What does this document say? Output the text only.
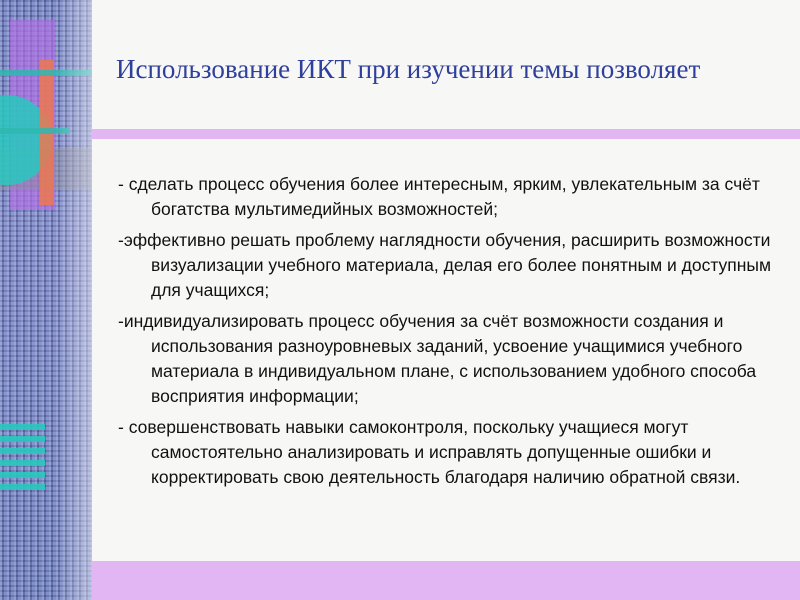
Использование ИКТ при изучении темы позволяет

- сделать процесс обучения более интересным, ярким, увлекательным за счёт богатства мультимедийных возможностей;

-эффективно решать проблему наглядности обучения, расширить возможности визуализации учебного материала, делая его более понятным и доступным для учащихся;

-индивидуализировать процесс обучения за счёт возможности создания и использования разноуровневых заданий, усвоение учащимися учебного материала в индивидуальном плане, с использованием удобного способа восприятия информации;

- совершенствовать навыки самоконтроля, поскольку учащиеся могут самостоятельно анализировать и исправлять допущенные ошибки и корректировать свою деятельность благодаря наличию обратной связи.
